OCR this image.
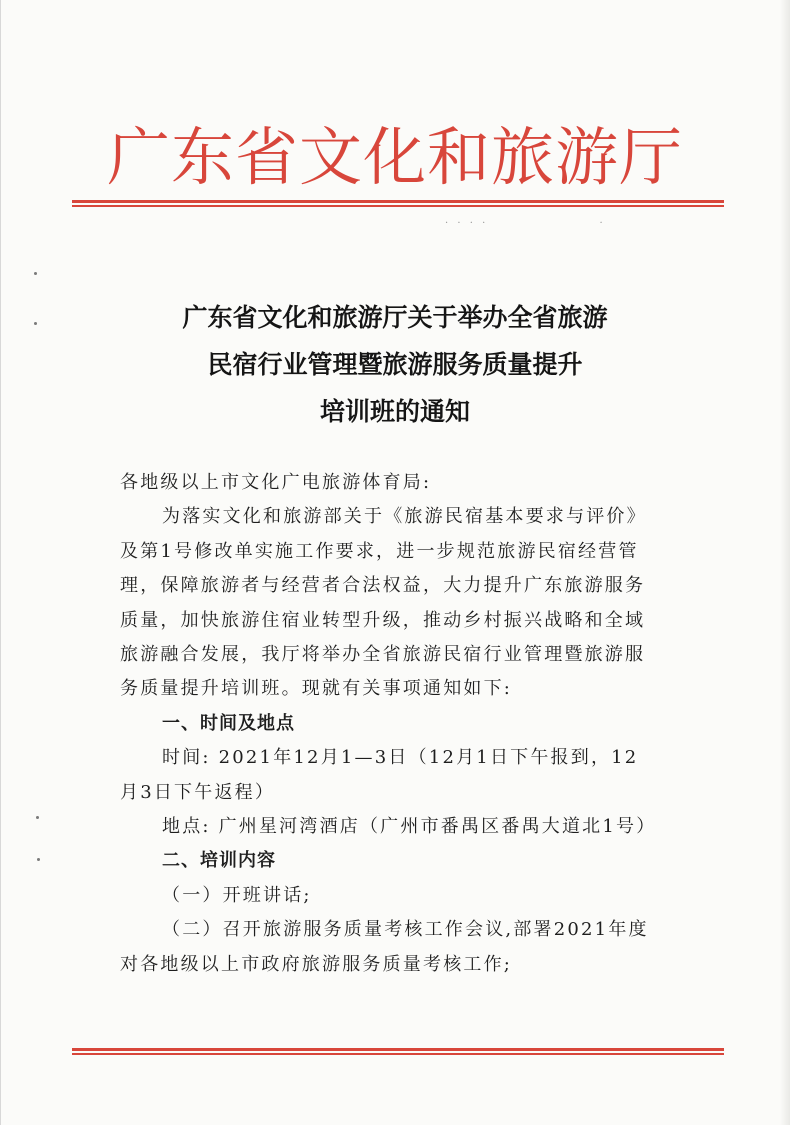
广东省文化和旅游厅
· · · ·                  ·
广东省文化和旅游厅关于举办全省旅游
民宿行业管理暨旅游服务质量提升
培训班的通知

各地级以上市文化广电旅游体育局:

为落实文化和旅游部关于《旅游民宿基本要求与评价》

及第1号修改单实施工作要求，进一步规范旅游民宿经营管

理，保障旅游者与经营者合法权益，大力提升广东旅游服务

质量，加快旅游住宿业转型升级，推动乡村振兴战略和全域

旅游融合发展，我厅将举办全省旅游民宿行业管理暨旅游服

务质量提升培训班。现就有关事项通知如下:

一、时间及地点

时间: 2021年12月1—3日（12月1日下午报到，12

月3日下午返程）

地点: 广州星河湾酒店（广州市番禺区番禺大道北1号）

二、培训内容

（一）开班讲话;

（二）召开旅游服务质量考核工作会议,部署2021年度

对各地级以上市政府旅游服务质量考核工作;
